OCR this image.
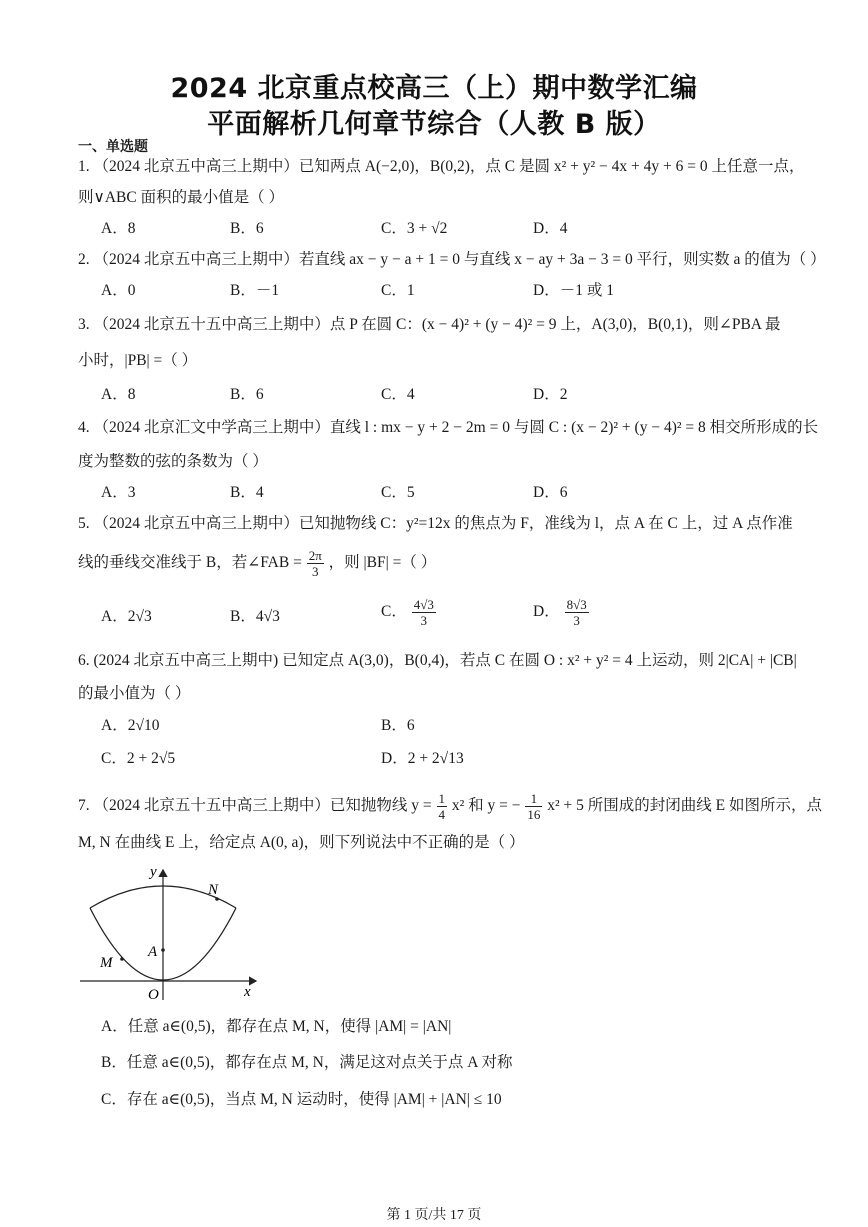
2024 北京重点校高三（上）期中数学汇编
平面解析几何章节综合（人教 B 版）
一、单选题
1. （2024 北京五中高三上期中）已知两点 A(−2,0)，B(0,2)，点 C 是圆 x² + y² − 4x + 4y + 6 = 0 上任意一点，
则∨ABC 面积的最小值是（ ）
A．8	B．6	C．3 + √2	D．4
2. （2024 北京五中高三上期中）若直线 ax − y − a + 1 = 0 与直线 x − ay + 3a − 3 = 0 平行，则实数 a 的值为（ ）
A．0	B．－1	C．1	D．－1 或 1
3. （2024 北京五十五中高三上期中）点 P 在圆 C：(x − 4)² + (y − 4)² = 9 上，A(3,0)，B(0,1)，则∠PBA 最
小时，|PB| =（ ）
A．8	B．6	C．4	D．2
4. （2024 北京汇文中学高三上期中）直线 l : mx − y + 2 − 2m = 0 与圆 C : (x − 2)² + (y − 4)² = 8 相交所形成的长
度为整数的弦的条数为（ ）
A．3	B．4	C．5	D．6
5. （2024 北京五中高三上期中）已知抛物线 C：y²=12x 的焦点为 F，准线为 l，点 A 在 C 上，过 A 点作准
线的垂线交准线于 B，若∠FAB = $\frac{2\pi}{3}$ ，则 |BF| =（ ）
A．2√3	B．4√3	C． $\frac{4√3}{3}$	D． $\frac{8√3}{3}$
6. (2024 北京五中高三上期中) 已知定点 A(3,0)，B(0,4)，若点 C 在圆 O : x² + y² = 4 上运动，则 2|CA| + |CB|
的最小值为（ ）
A．2√10	B．6
C．2 + 2√5	D．2 + 2√13
7. （2024 北京五十五中高三上期中）已知抛物线 $y = \frac{1}{4} x^2$ 和 y = − $\frac{1}{16} x^2 + 5$ 所围成的封闭曲线 E 如图所示，点
M, N 在曲线 E 上，给定点 A(0, a)，则下列说法中不正确的是（ ）
y
x
O
N
A
M
A．任意 a∈(0,5)，都存在点 M, N，使得 |AM| = |AN|
B．任意 a∈(0,5)，都存在点 M, N，满足这对点关于点 A 对称
C．存在 a∈(0,5)，当点 M, N 运动时，使得 |AM| + |AN| ≤ 10
第 1 页/共 17 页
